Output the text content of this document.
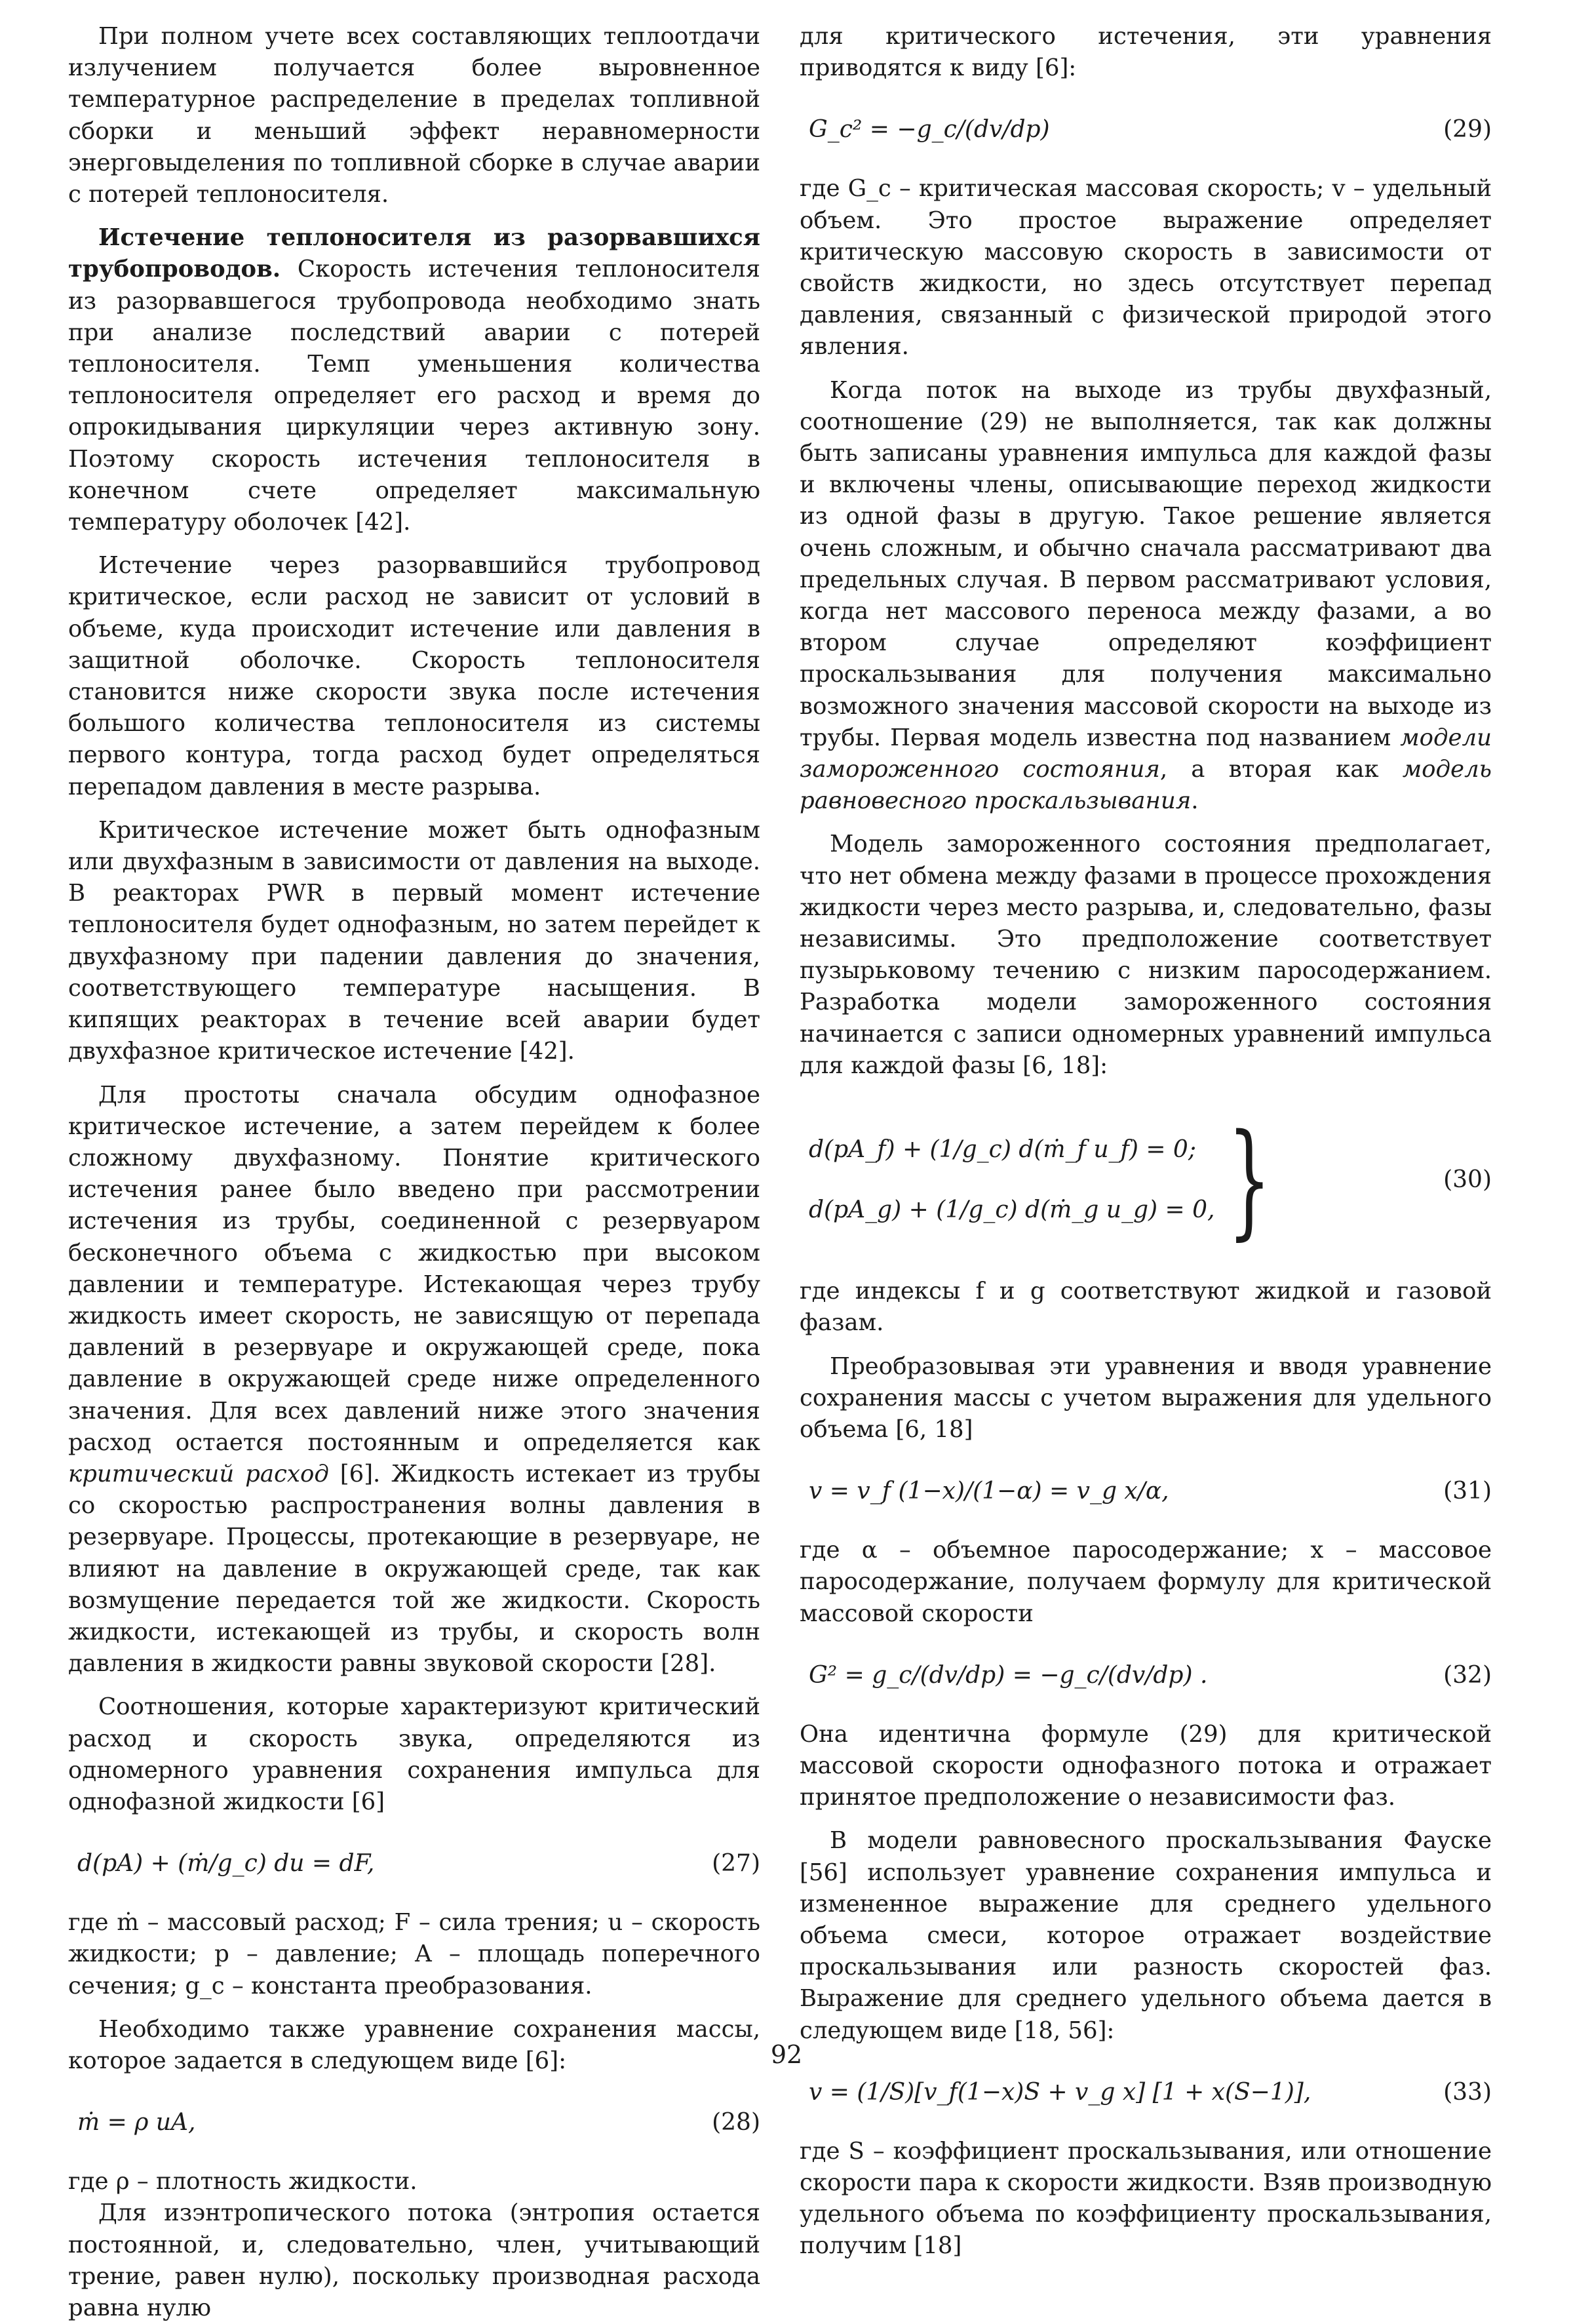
При полном учете всех составляющих теплоотдачи излучением получается более выровненное температурное распределение в пределах топливной сборки и меньший эффект неравномерности энерговыделения по топливной сборке в случае аварии с потерей теплоносителя.

Истечение теплоносителя из разорвавшихся трубопроводов. Скорость истечения теплоносителя из разорвавшегося трубопровода необходимо знать при анализе последствий аварии с потерей теплоносителя. Темп уменьшения количества теплоносителя определяет его расход и время до опрокидывания циркуляции через активную зону. Поэтому скорость истечения теплоносителя в конечном счете определяет максимальную температуру оболочек [42].

Истечение через разорвавшийся трубопровод критическое, если расход не зависит от условий в объеме, куда происходит истечение или давления в защитной оболочке. Скорость теплоносителя становится ниже скорости звука после истечения большого количества теплоносителя из системы первого контура, тогда расход будет определяться перепадом давления в месте разрыва.

Критическое истечение может быть однофазным или двухфазным в зависимости от давления на выходе. В реакторах PWR в первый момент истечение теплоносителя будет однофазным, но затем перейдет к двухфазному при падении давления до значения, соответствующего температуре насыщения. В кипящих реакторах в течение всей аварии будет двухфазное критическое истечение [42].

Для простоты сначала обсудим однофазное критическое истечение, а затем перейдем к более сложному двухфазному. Понятие критического истечения ранее было введено при рассмотрении истечения из трубы, соединенной с резервуаром бесконечного объема с жидкостью при высоком давлении и температуре. Истекающая через трубу жидкость имеет скорость, не зависящую от перепада давлений в резервуаре и окружающей среде, пока давление в окружающей среде ниже определенного значения. Для всех давлений ниже этого значения расход остается постоянным и определяется как критический расход [6]. Жидкость истекает из трубы со скоростью распространения волны давления в резервуаре. Процессы, протекающие в резервуаре, не влияют на давление в окружающей среде, так как возмущение передается той же жидкости. Скорость жидкости, истекающей из трубы, и скорость волн давления в жидкости равны звуковой скорости [28].

Соотношения, которые характеризуют критический расход и скорость звука, определяются из одномерного уравнения сохранения импульса для однофазной жидкости [6]

d(pA) + (ṁ/g_c) du = dF,	(27)

где ṁ – массовый расход; F – сила трения; u – скорость жидкости; p – давление; A – площадь поперечного сечения; g_c – константа преобразования.

Необходимо также уравнение сохранения массы, которое задается в следующем виде [6]:

ṁ = ρ uA,	(28)

где ρ – плотность жидкости.

Для изэнтропического потока (энтропия остается постоянной, и, следовательно, член, учитывающий трение, равен нулю), поскольку производная расхода равна нулю

для критического истечения, эти уравнения приводятся к виду [6]:

G_c² = −g_c/(dv/dp)	(29)

где G_c – критическая массовая скорость; v – удельный объем. Это простое выражение определяет критическую массовую скорость в зависимости от свойств жидкости, но здесь отсутствует перепад давления, связанный с физической природой этого явления.

Когда поток на выходе из трубы двухфазный, соотношение (29) не выполняется, так как должны быть записаны уравнения импульса для каждой фазы и включены члены, описывающие переход жидкости из одной фазы в другую. Такое решение является очень сложным, и обычно сначала рассматривают два предельных случая. В первом рассматривают условия, когда нет массового переноса между фазами, а во втором случае определяют коэффициент проскальзывания для получения максимально возможного значения массовой скорости на выходе из трубы. Первая модель известна под названием модели замороженного состояния, а вторая как модель равновесного проскальзывания.

Модель замороженного состояния предполагает, что нет обмена между фазами в процессе прохождения жидкости через место разрыва, и, следовательно, фазы независимы. Это предположение соответствует пузырьковому течению с низким паросодержанием. Разработка модели замороженного состояния начинается с записи одномерных уравнений импульса для каждой фазы [6, 18]:

d(pA_f) + (1/g_c) d(ṁ_f u_f) = 0;
d(pA_g) + (1/g_c) d(ṁ_g u_g) = 0, }	(30)

где индексы f и g соответствуют жидкой и газовой фазам.

Преобразовывая эти уравнения и вводя уравнение сохранения массы с учетом выражения для удельного объема [6, 18]

v = v_f (1−x)/(1−α) = v_g x/α,	(31)

где α – объемное паросодержание; x – массовое паросодержание, получаем формулу для критической массовой скорости

G² = g_c/(dv/dp) = −g_c/(dv/dp) .	(32)

Она идентична формуле (29) для критической массовой скорости однофазного потока и отражает принятое предположение о независимости фаз.

В модели равновесного проскальзывания Фауске [56] использует уравнение сохранения импульса и измененное выражение для среднего удельного объема смеси, которое отражает воздействие проскальзывания или разность скоростей фаз. Выражение для среднего удельного объема дается в следующем виде [18, 56]:

v = (1/S)[v_f(1−x)S + v_g x] [1 + x(S−1)],	(33)

где S – коэффициент проскальзывания, или отношение скорости пара к скорости жидкости. Взяв производную удельного объема по коэффициенту проскальзывания, получим [18]

92
